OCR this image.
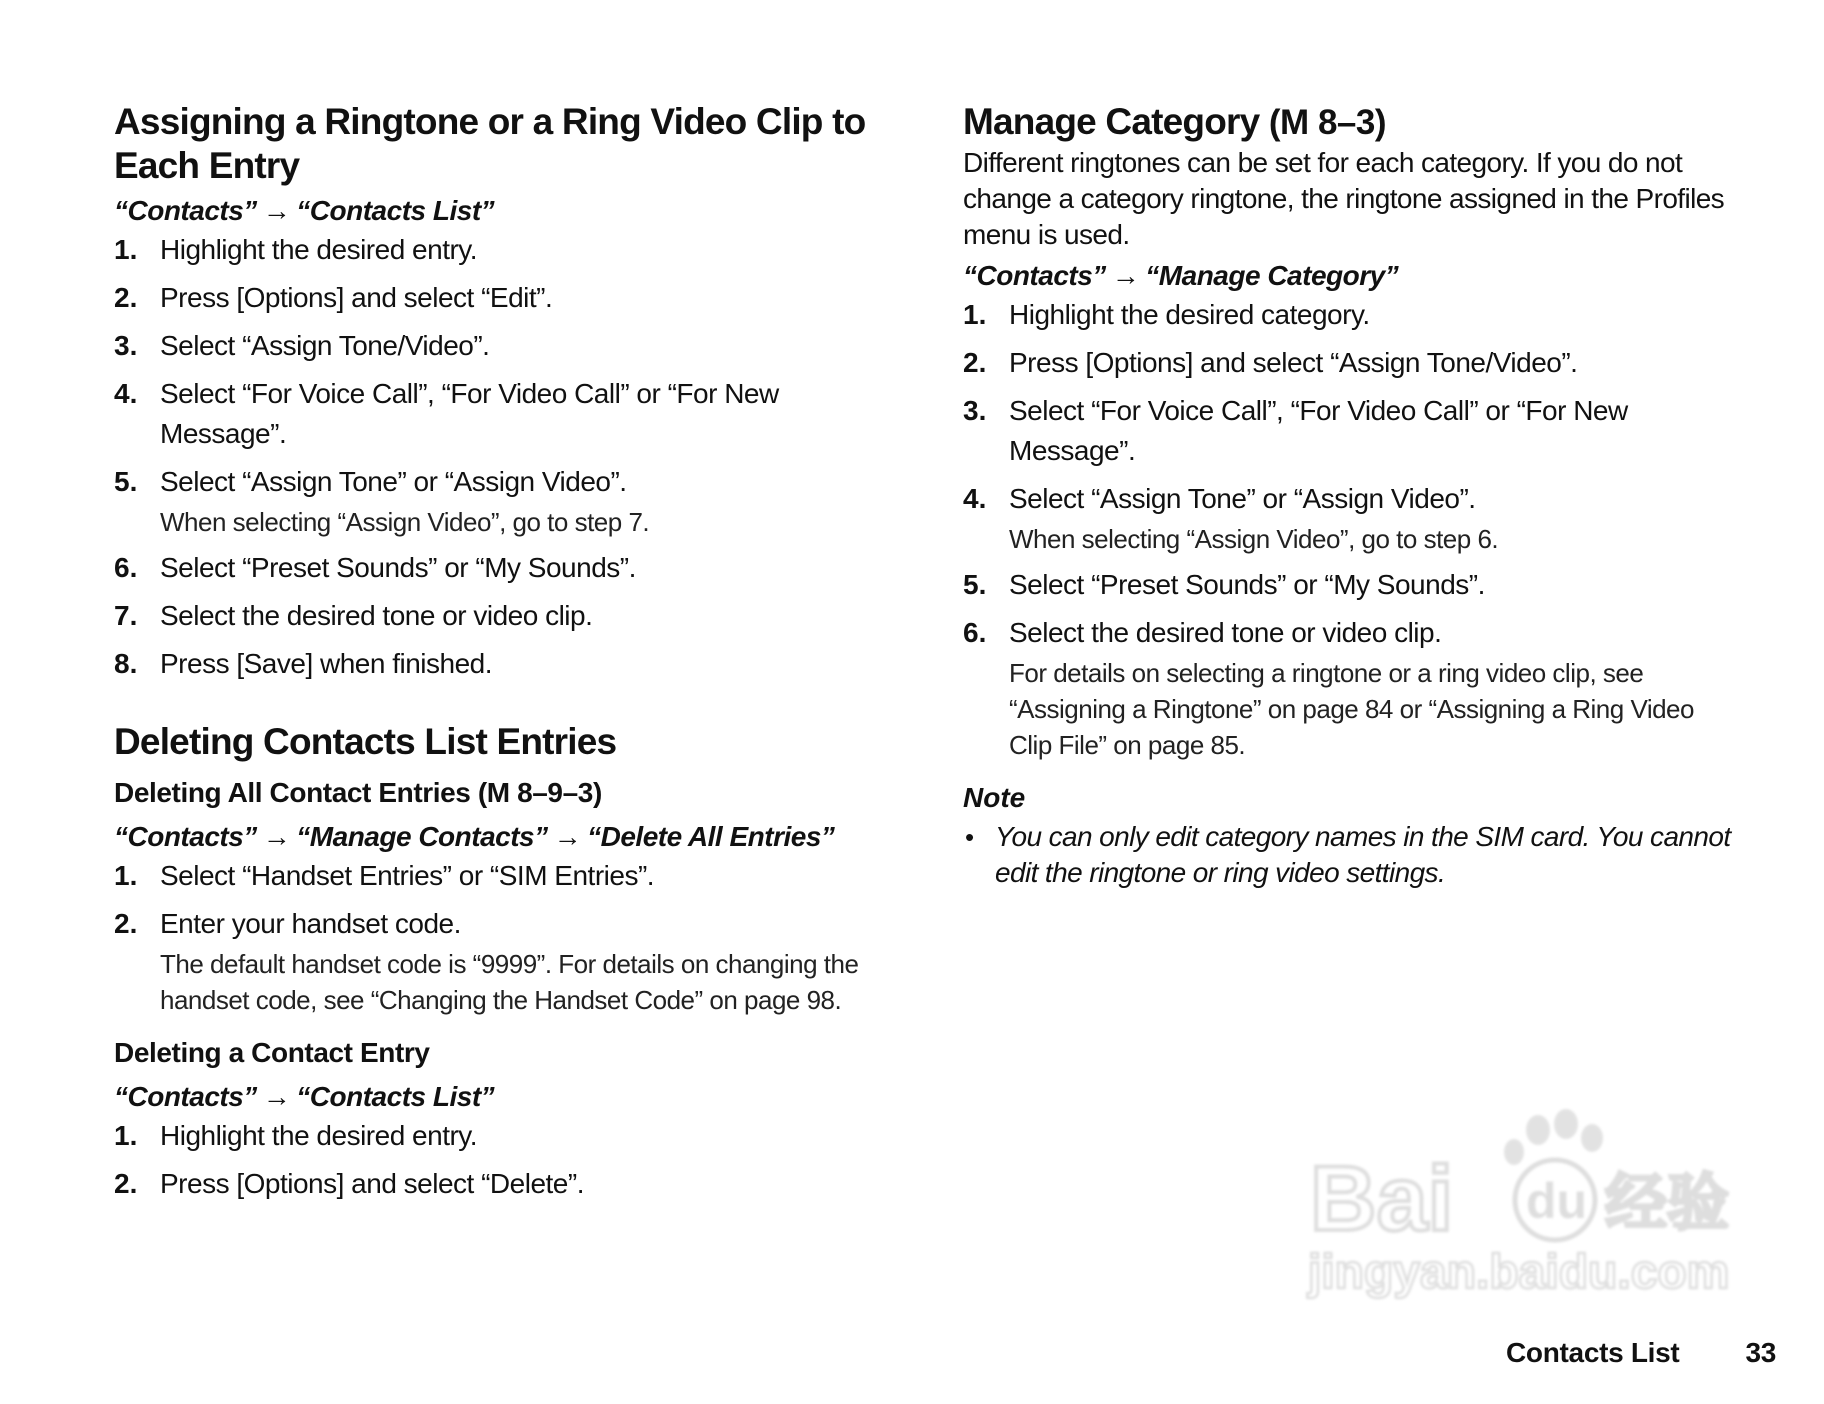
Assigning a Ringtone or a Ring Video Clip to Each Entry

“Contacts” → “Contacts List”

1. Highlight the desired entry.
2. Press [Options] and select “Edit”.
3. Select “Assign Tone/Video”.
4. Select “For Voice Call”, “For Video Call” or “For New Message”.
5. Select “Assign Tone” or “Assign Video”.
When selecting “Assign Video”, go to step 7.
6. Select “Preset Sounds” or “My Sounds”.
7. Select the desired tone or video clip.
8. Press [Save] when finished.
Deleting Contacts List Entries
Deleting All Contact Entries (M 8–9–3)

“Contacts” → “Manage Contacts” → “Delete All Entries”

1. Select “Handset Entries” or “SIM Entries”.
2. Enter your handset code.
The default handset code is “9999”. For details on changing the handset code, see “Changing the Handset Code” on page 98.
Deleting a Contact Entry

“Contacts” → “Contacts List”

1. Highlight the desired entry.
2. Press [Options] and select “Delete”.
Manage Category (M 8–3)

Different ringtones can be set for each category. If you do not change a category ringtone, the ringtone assigned in the Profiles menu is used.

“Contacts” → “Manage Category”

1. Highlight the desired category.
2. Press [Options] and select “Assign Tone/Video”.
3. Select “For Voice Call”, “For Video Call” or “For New Message”.
4. Select “Assign Tone” or “Assign Video”.
When selecting “Assign Video”, go to step 6.
5. Select “Preset Sounds” or “My Sounds”.
6. Select the desired tone or video clip.
For details on selecting a ringtone or a ring video clip, see “Assigning a Ringtone” on page 84 or “Assigning a Ring Video Clip File” on page 85.

Note

• You can only edit category names in the SIM card. You cannot edit the ringtone or ring video settings.
Bai du 经验
jingyan.baidu.com
Contacts List 33
